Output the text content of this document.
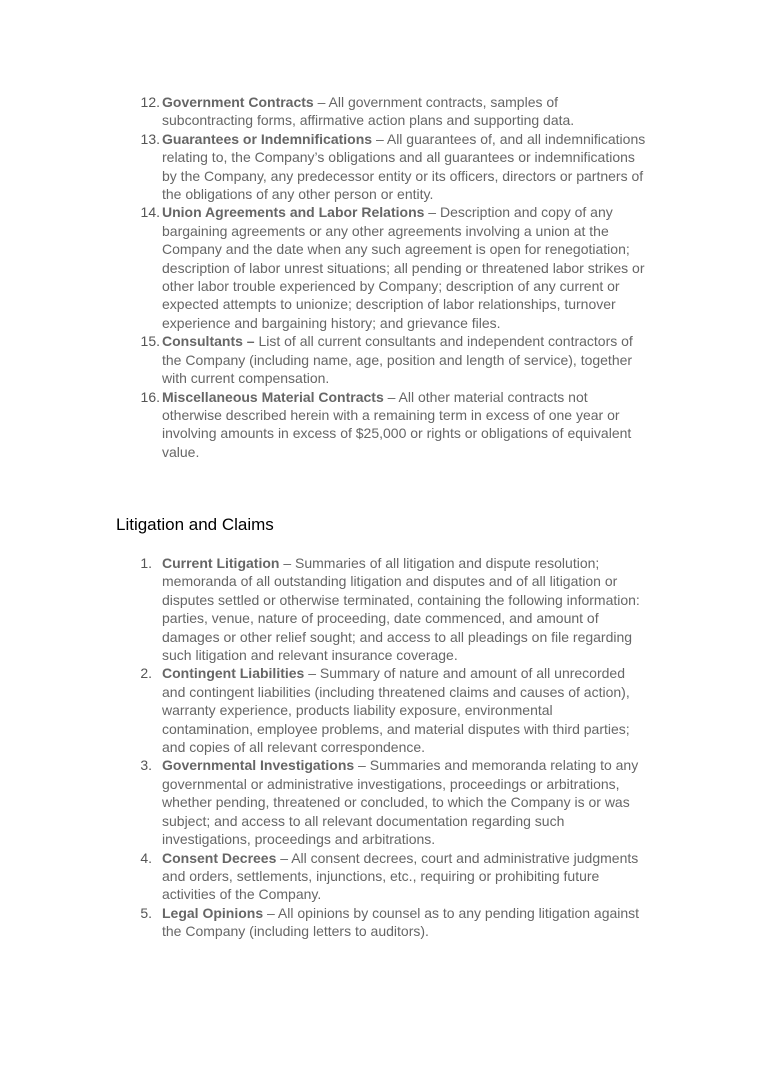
12. Government Contracts – All government contracts, samples of subcontracting forms, affirmative action plans and supporting data.
13. Guarantees or Indemnifications – All guarantees of, and all indemnifications relating to, the Company’s obligations and all guarantees or indemnifications by the Company, any predecessor entity or its officers, directors or partners of the obligations of any other person or entity.
14. Union Agreements and Labor Relations – Description and copy of any bargaining agreements or any other agreements involving a union at the Company and the date when any such agreement is open for renegotiation; description of labor unrest situations; all pending or threatened labor strikes or other labor trouble experienced by Company; description of any current or expected attempts to unionize; description of labor relationships, turnover experience and bargaining history; and grievance files.
15. Consultants – List of all current consultants and independent contractors of the Company (including name, age, position and length of service), together with current compensation.
16. Miscellaneous Material Contracts – All other material contracts not otherwise described herein with a remaining term in excess of one year or involving amounts in excess of $25,000 or rights or obligations of equivalent value.
Litigation and Claims
1. Current Litigation – Summaries of all litigation and dispute resolution; memoranda of all outstanding litigation and disputes and of all litigation or disputes settled or otherwise terminated, containing the following information: parties, venue, nature of proceeding, date commenced, and amount of damages or other relief sought; and access to all pleadings on file regarding such litigation and relevant insurance coverage.
2. Contingent Liabilities – Summary of nature and amount of all unrecorded and contingent liabilities (including threatened claims and causes of action), warranty experience, products liability exposure, environmental contamination, employee problems, and material disputes with third parties; and copies of all relevant correspondence.
3. Governmental Investigations – Summaries and memoranda relating to any governmental or administrative investigations, proceedings or arbitrations, whether pending, threatened or concluded, to which the Company is or was subject; and access to all relevant documentation regarding such investigations, proceedings and arbitrations.
4. Consent Decrees – All consent decrees, court and administrative judgments and orders, settlements, injunctions, etc., requiring or prohibiting future activities of the Company.
5. Legal Opinions – All opinions by counsel as to any pending litigation against the Company (including letters to auditors).
